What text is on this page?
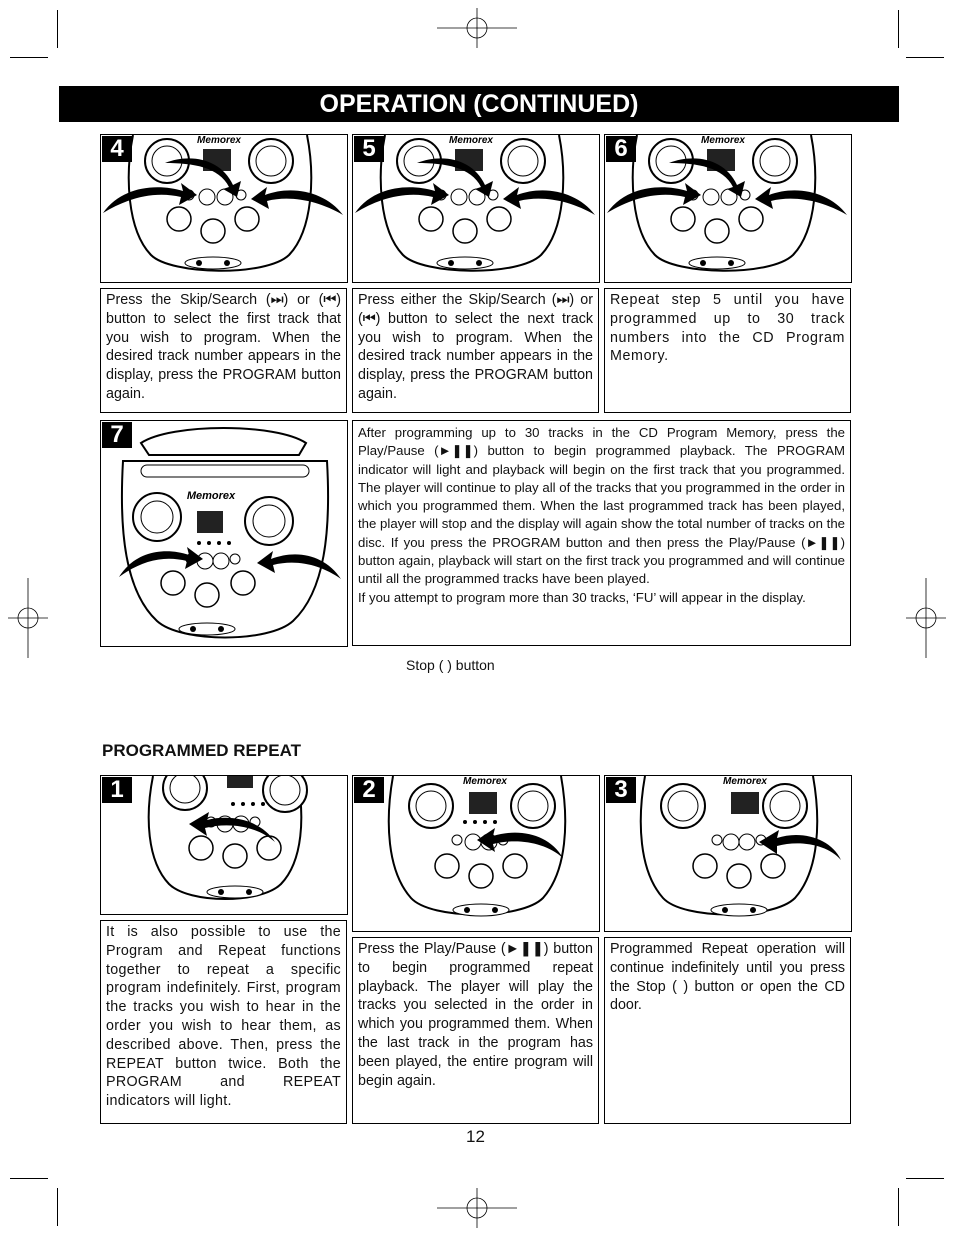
OPERATION (CONTINUED)
4	Memorex	5	Memorex	6	Memorex
Press the Skip/Search (⏭) or (⏮) button to select the first track that you wish to program. When the desired track number appears in the display, press the PROGRAM button again.
Press either the Skip/Search (⏭) or (⏮) button to select the next track you wish to program. When the desired track number appears in the display, press the PROGRAM button again.
Repeat step 5 until you have programmed up to 30 track numbers into the CD Program Memory.
7
Memorex

After programming up to 30 tracks in the CD Program Memory, press the Play/Pause (►❚❚) button to begin programmed playback. The PROGRAM indicator will light and playback will begin on the first track that you programmed. The player will continue to play all of the tracks that you programmed in the order in which you programmed them. When the last programmed track has been played, the player will stop and the display will again show the total number of tracks on the disc. If you press the PROGRAM button and then press the Play/Pause (►❚❚) button again, playback will start on the first track you programmed and will continue until all the programmed tracks have been played.

If you attempt to program more than 30 tracks, ‘FU’ will appear in the display.

Stop ( ) button
PROGRAMMED REPEAT
1	2	Memorex	3	Memorex
It is also possible to use the Program and Repeat functions together to repeat a specific program indefinitely. First, program the tracks you wish to hear in the order you wish to hear them, as described above. Then, press the REPEAT button twice. Both the PROGRAM and REPEAT indicators will light.
Press the Play/Pause (►❚❚) button to begin programmed repeat playback. The player will play the tracks you selected in the order in which you programmed them. When the last track in the program has been played, the entire program will begin again.
Programmed Repeat operation will continue indefinitely until you press the Stop ( ) button or open the CD door.
12
